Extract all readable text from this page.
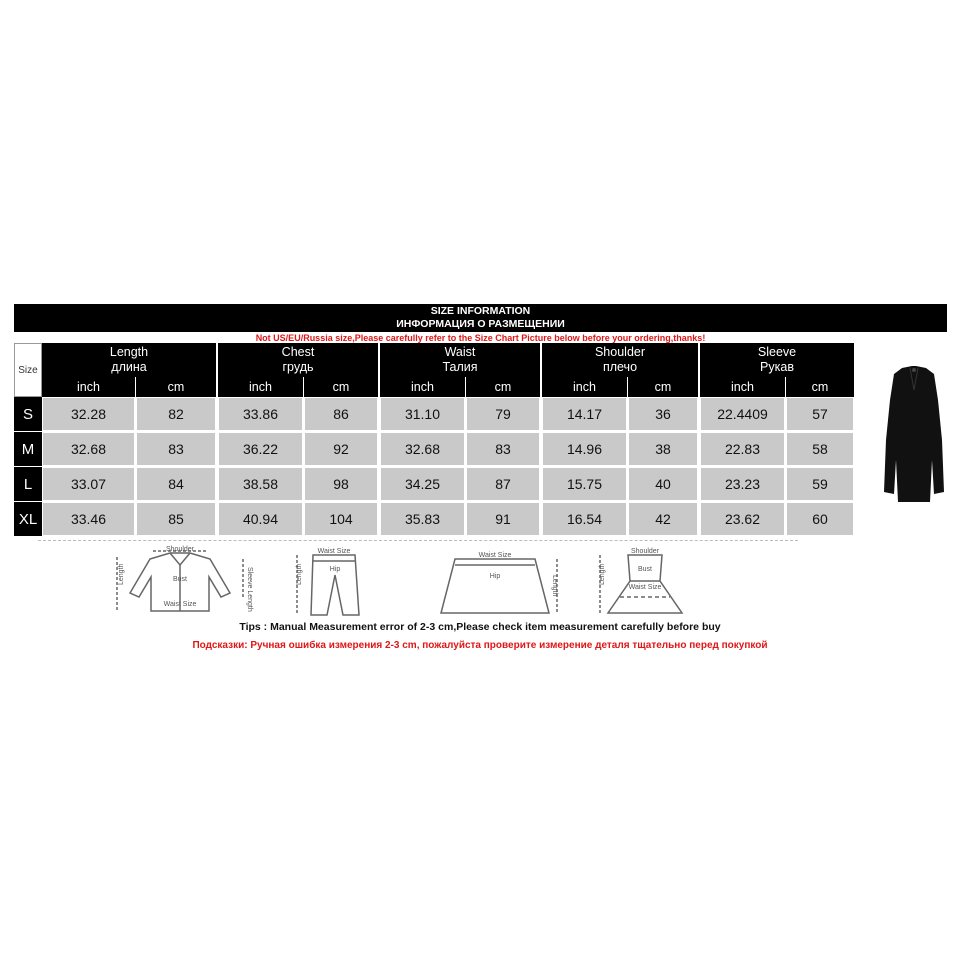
SIZE INFORMATION
ИНФОРМАЦИЯ О РАЗМЕЩЕНИИ
Not US/EU/Russia size,Please carefully refer to the Size Chart Picture below before your ordering,thanks!
Size
Length
длина
inch	cm
Chest
грудь
inch	cm
Waist
Талия
inch	cm
Shoulder
плечо
inch	cm
Sleeve
Рукав
inch	cm
S	32.28	82	33.86	86	31.10	79	14.17	36	22.4409	57
M	32.68	83	36.22	92	32.68	83	14.96	38	22.83	58
L	33.07	84	38.58	98	34.25	87	15.75	40	23.23	59
XL	33.46	85	40.94	104	35.83	91	16.54	42	23.62	60
Shoulder
Bust
Waist Size
Length	Sleeve Length
Waist Size
Hip
Length
Waist Size
Hip	Length
Shoulder
Bust
Waist Size
Length
Tips : Manual Measurement error of 2-3 cm,Please check item measurement carefully before buy
Подсказки: Ручная ошибка измерения 2-3 cm, пожалуйста проверите измерение деталя тщательно перед покупкой
